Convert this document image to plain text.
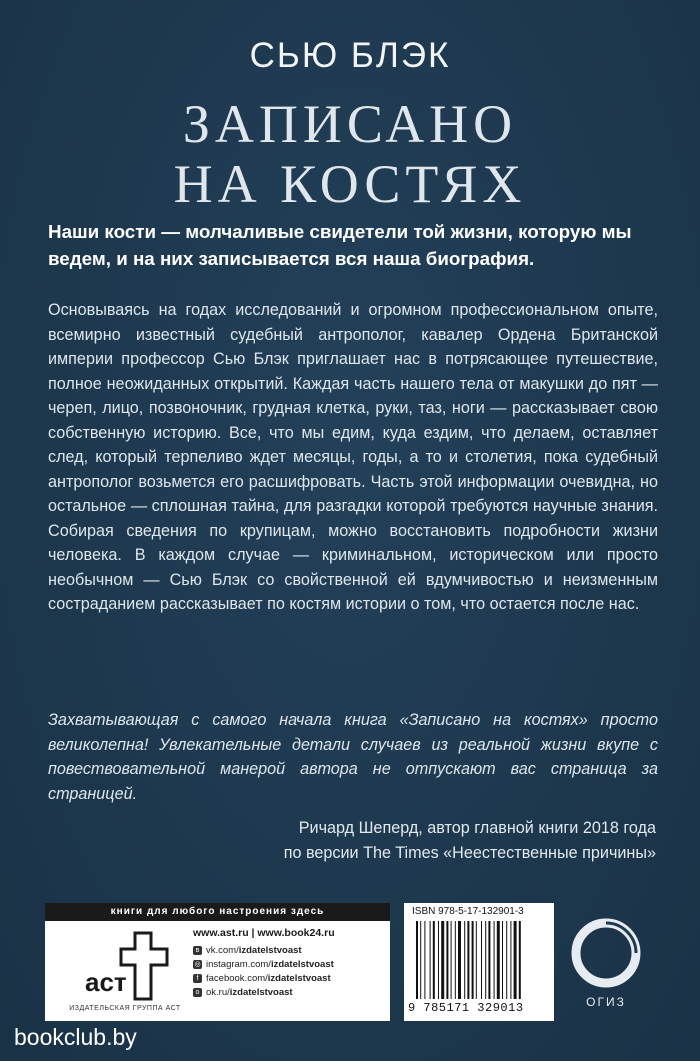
СЬЮ БЛЭК
ЗАПИСАНО
НА КОСТЯХ
Наши кости — молчаливые свидетели той жизни, которую мы ведем, и на них записывается вся наша биография.
Основываясь на годах исследований и огромном профессиональном опыте, всемирно известный судебный антрополог, кавалер Ордена Британской империи профессор Сью Блэк приглашает нас в потрясающее путешествие, полное неожиданных открытий. Каждая часть нашего тела от макушки до пят — череп, лицо, позвоночник, грудная клетка, руки, таз, ноги — рассказывает свою собственную историю. Все, что мы едим, куда ездим, что делаем, оставляет след, который терпеливо ждет месяцы, годы, а то и столетия, пока судебный антрополог возьмется его расшифровать. Часть этой информации очевидна, но остальное — сплошная тайна, для разгадки которой требуются научные знания. Собирая сведения по крупицам, можно восстановить подробности жизни человека. В каждом случае — криминальном, историческом или просто необычном — Сью Блэк со свойственной ей вдумчивостью и неизменным состраданием рассказывает по костям истории о том, что остается после нас.
Захватывающая с самого начала книга «Записано на костях» просто великолепна! Увлекательные детали случаев из реальной жизни вкупе с повествовательной манерой автора не отпускают вас страница за страницей.
Ричард Шеперд, автор главной книги 2018 года
по версии The Times «Неестественные причины»
книги для любого настроения здесь
аст
ИЗДАТЕЛЬСКАЯ ГРУППА АСТ
www.ast.ru | www.book24.ru
в vk.com/ izdatelstvoast
◎ instagram.com/ izdatelstvoast
f facebook.com/ izdatelstvoast
о ok.ru/ izdatelstvoast
ISBN 978-5-17-132901-3
9 785171 329013	ОГИЗ
bookclub.by
